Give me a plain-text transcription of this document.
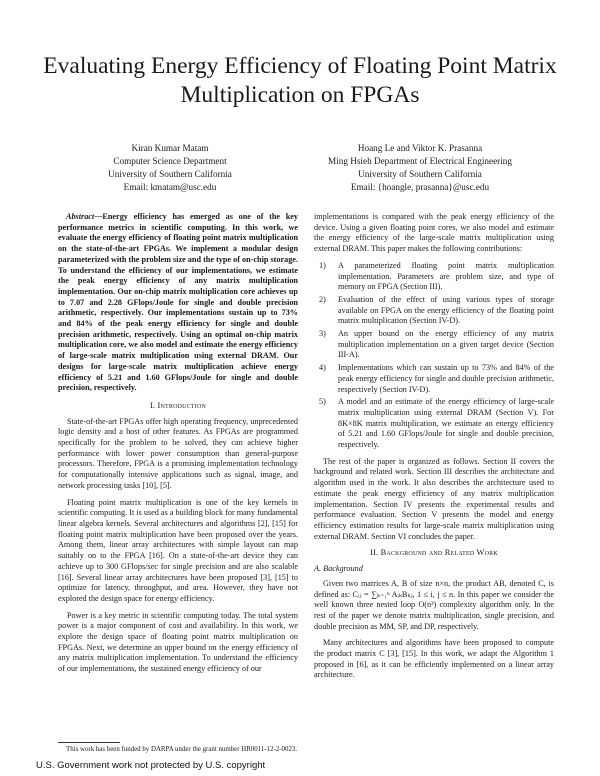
Evaluating Energy Efficiency of Floating Point Matrix Multiplication on FPGAs
Kiran Kumar Matam
Computer Science Department
University of Southern California
Email: kmatam@usc.edu
Hoang Le and Viktor K. Prasanna
Ming Hsieh Department of Electrical Engineering
University of Southern California
Email: {hoangle, prasanna}@usc.edu
Abstract—Energy efficiency has emerged as one of the key performance metrics in scientific computing. In this work, we evaluate the energy efficiency of floating point matrix multiplication on the state-of-the-art FPGAs. We implement a modular design parameterized with the problem size and the type of on-chip storage. To understand the efficiency of our implementations, we estimate the peak energy efficiency of any matrix multiplication implementation. Our on-chip matrix multiplication core achieves up to 7.07 and 2.28 GFlops/Joule for single and double precision arithmetic, respectively. Our implementations sustain up to 73% and 84% of the peak energy efficiency for single and double precision arithmetic, respectively. Using an optimal on-chip matrix multiplication core, we also model and estimate the energy efficiency of large-scale matrix multiplication using external DRAM. Our designs for large-scale matrix multiplication achieve energy efficiency of 5.21 and 1.60 GFlops/Joule for single and double precision, respectively.
I. Introduction

State-of-the-art FPGAs offer high operating frequency, unprecedented logic density and a host of other features. As FPGAs are programmed specifically for the problem to be solved, they can achieve higher performance with lower power consumption than general-purpose processors. Therefore, FPGA is a promising implementation technology for computationally intensive applications such as signal, image, and network processing tasks [10], [5].

Floating point matrix multiplication is one of the key kernels in scientific computing. It is used as a building block for many fundamental linear algebra kernels. Several architectures and algorithms [2], [15] for floating point matrix multiplication have been proposed over the years. Among them, linear array architectures with simple layout can map suitably on to the FPGA [16]. On a state-of-the-art device they can achieve up to 300 GFlops/sec for single precision and are also scalable [16]. Several linear array architectures have been proposed [3], [15] to optimize for latency, throughput, and area. However, they have not explored the design space for energy efficiency.

Power is a key metric in scientific computing today. The total system power is a major component of cost and availability. In this work, we explore the design space of floating point matrix multiplication on FPGAs. Next, we determine an upper bound on the energy efficiency of any matrix multiplication implementation. To understand the efficiency of our implementations, the sustained energy efficiency of our

implementations is compared with the peak energy efficiency of the device. Using a given floating point cores, we also model and estimate the energy efficiency of the large-scale matrix multiplication using external DRAM. This paper makes the following contributions:

1) A parameterized floating point matrix multiplication implementation. Parameters are problem size, and type of memory on FPGA (Section III).
2) Evaluation of the effect of using various types of storage available on FPGA on the energy efficiency of the floating point matrix multiplication (Section IV-D).
3) An upper bound on the energy efficiency of any matrix multiplication implementation on a given target device (Section III-A).
4) Implementations which can sustain up to 73% and 84% of the peak energy efficiency for single and double precision arithmetic, respectively (Section IV-D).
5) A model and an estimate of the energy efficiency of large-scale matrix multiplication using external DRAM (Section V). For 8K×8K matrix multiplication, we estimate an energy efficiency of 5.21 and 1.60 GFlops/Joule for single and double precision, respectively.

The rest of the paper is organized as follows. Section II covers the background and related work. Section III describes the architecture and algorithm used in the work. It also describes the architecture used to estimate the peak energy efficiency of any matrix multiplication implementation. Section IV presents the experimental results and performance evaluation. Section V presents the model and energy efficiency estimation results for large-scale matrix multiplication using external DRAM. Section VI concludes the paper.

II. Background and Related Work
A. Background

Given two matrices A, B of size n×n, the product AB, denoted C, is defined as: Cᵢⱼ = ∑ₖ₌₁ⁿ AᵢₖBₖⱼ, 1 ≤ i, j ≤ n. In this paper we consider the well known three nested loop O(n³) complexity algorithm only. In the rest of the paper we denote matrix multiplication, single precision, and double precision as MM, SP, and DP, respectively.

Many architectures and algorithms have been proposed to compute the product matrix C [3], [15]. In this work, we adapt the Algorithm 1 proposed in [6], as it can be efficiently implemented on a linear array architecture.

This work has been funded by DARPA under the grant number HR0011-12-2-0023.
U.S. Government work not protected by U.S. copyright
